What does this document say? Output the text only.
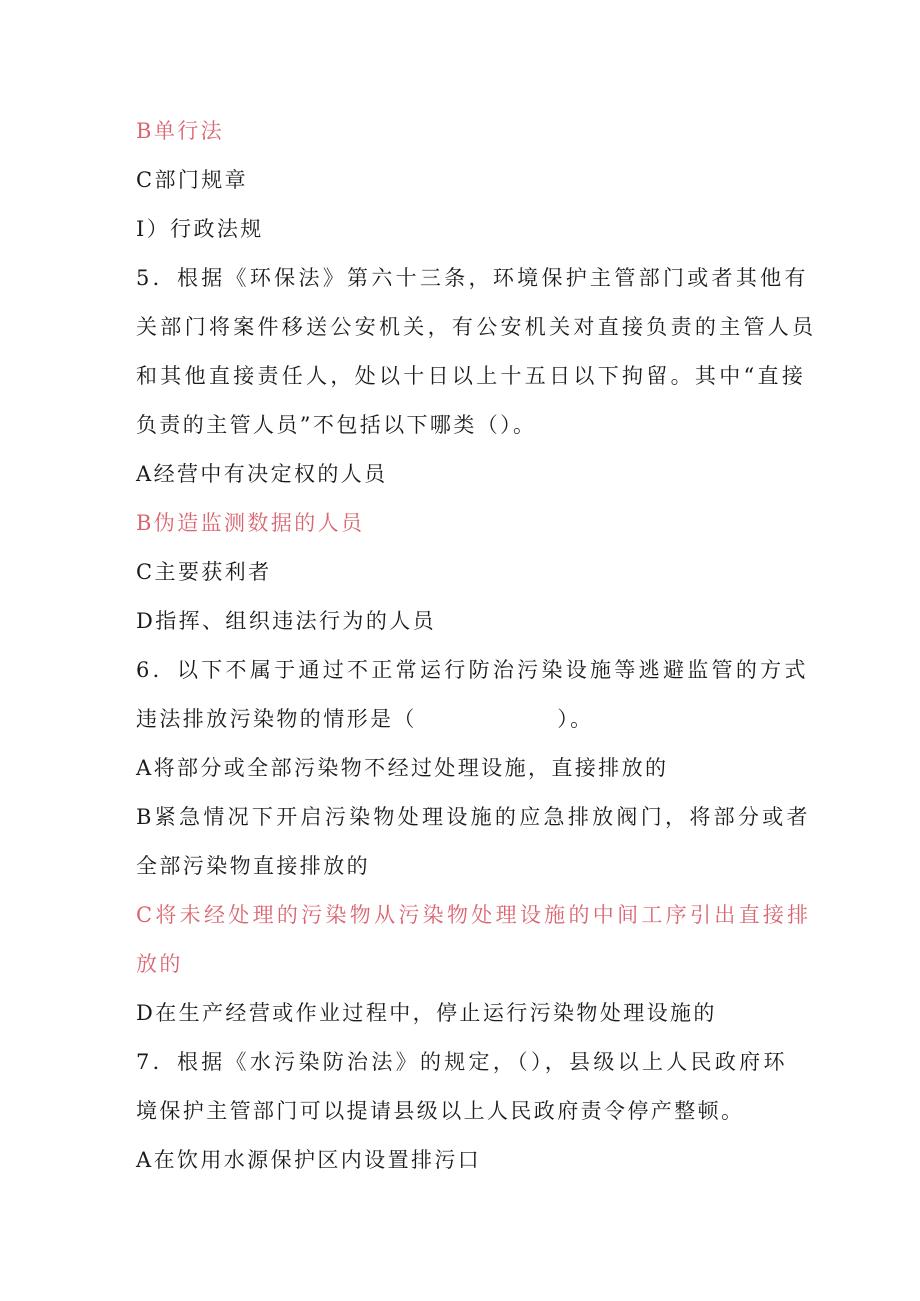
B单行法
C部门规章
I）行政法规
5．根据《环保法》第六十三条，环境保护主管部门或者其他有
关部门将案件移送公安机关，有公安机关对直接负责的主管人员
和其他直接责任人，处以十日以上十五日以下拘留。其中“直接
负责的主管人员”不包括以下哪类（）。
A经营中有决定权的人员
B伪造监测数据的人员
C主要获利者
D指挥、组织违法行为的人员
6．以下不属于通过不正常运行防治污染设施等逃避监管的方式
违法排放污染物的情形是（　　　　　　）。
A将部分或全部污染物不经过处理设施，直接排放的
B紧急情况下开启污染物处理设施的应急排放阀门，将部分或者
全部污染物直接排放的
C将未经处理的污染物从污染物处理设施的中间工序引出直接排
放的
D在生产经营或作业过程中，停止运行污染物处理设施的
7．根据《水污染防治法》的规定，（），县级以上人民政府环
境保护主管部门可以提请县级以上人民政府责令停产整顿。
A在饮用水源保护区内设置排污口
